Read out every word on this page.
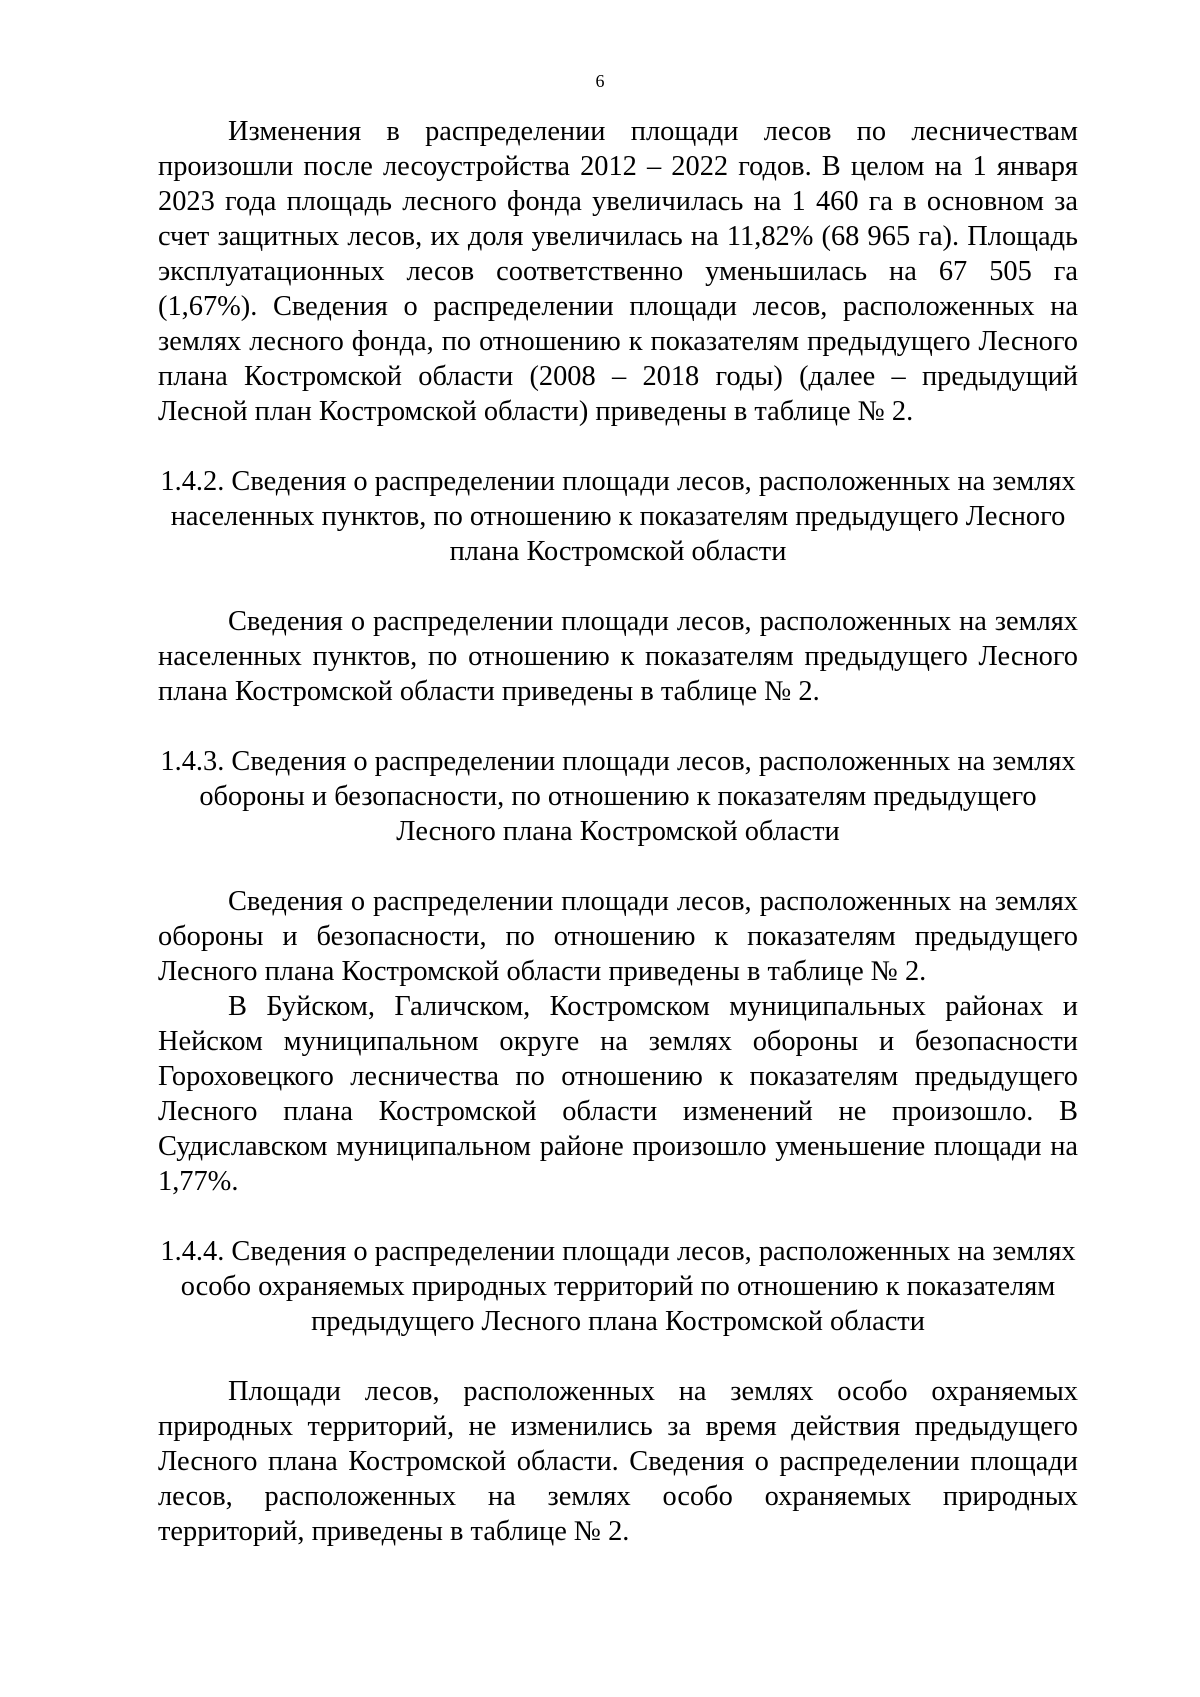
6

Изменения в распределении площади лесов по лесничествам произошли после лесоустройства 2012 – 2022 годов. В целом на 1 января 2023 года площадь лесного фонда увеличилась на 1 460 га в основном за счет защитных лесов, их доля увеличилась на 11,82% (68 965 га). Площадь эксплуатационных лесов соответственно уменьшилась на 67 505 га (1,67%). Сведения о распределении площади лесов, расположенных на землях лесного фонда, по отношению к показателям предыдущего Лесного плана Костромской области (2008 – 2018 годы) (далее – предыдущий Лесной план Костромской области) приведены в таблице № 2.

1.4.2. Сведения о распределении площади лесов, расположенных на землях населенных пунктов, по отношению к показателям предыдущего Лесного плана Костромской области

Сведения о распределении площади лесов, расположенных на землях населенных пунктов, по отношению к показателям предыдущего Лесного плана Костромской области приведены в таблице № 2.

1.4.3. Сведения о распределении площади лесов, расположенных на землях обороны и безопасности, по отношению к показателям предыдущего Лесного плана Костромской области

Сведения о распределении площади лесов, расположенных на землях обороны и безопасности, по отношению к показателям предыдущего Лесного плана Костромской области приведены в таблице № 2.

В Буйском, Галичском, Костромском муниципальных районах и Нейском муниципальном округе на землях обороны и безопасности Гороховецкого лесничества по отношению к показателям предыдущего Лесного плана Костромской области изменений не произошло. В Судиславском муниципальном районе произошло уменьшение площади на 1,77%.

1.4.4. Сведения о распределении площади лесов, расположенных на землях особо охраняемых природных территорий по отношению к показателям предыдущего Лесного плана Костромской области

Площади лесов, расположенных на землях особо охраняемых природных территорий, не изменились за время действия предыдущего Лесного плана Костромской области. Сведения о распределении площади лесов, расположенных на землях особо охраняемых природных территорий, приведены в таблице № 2.
